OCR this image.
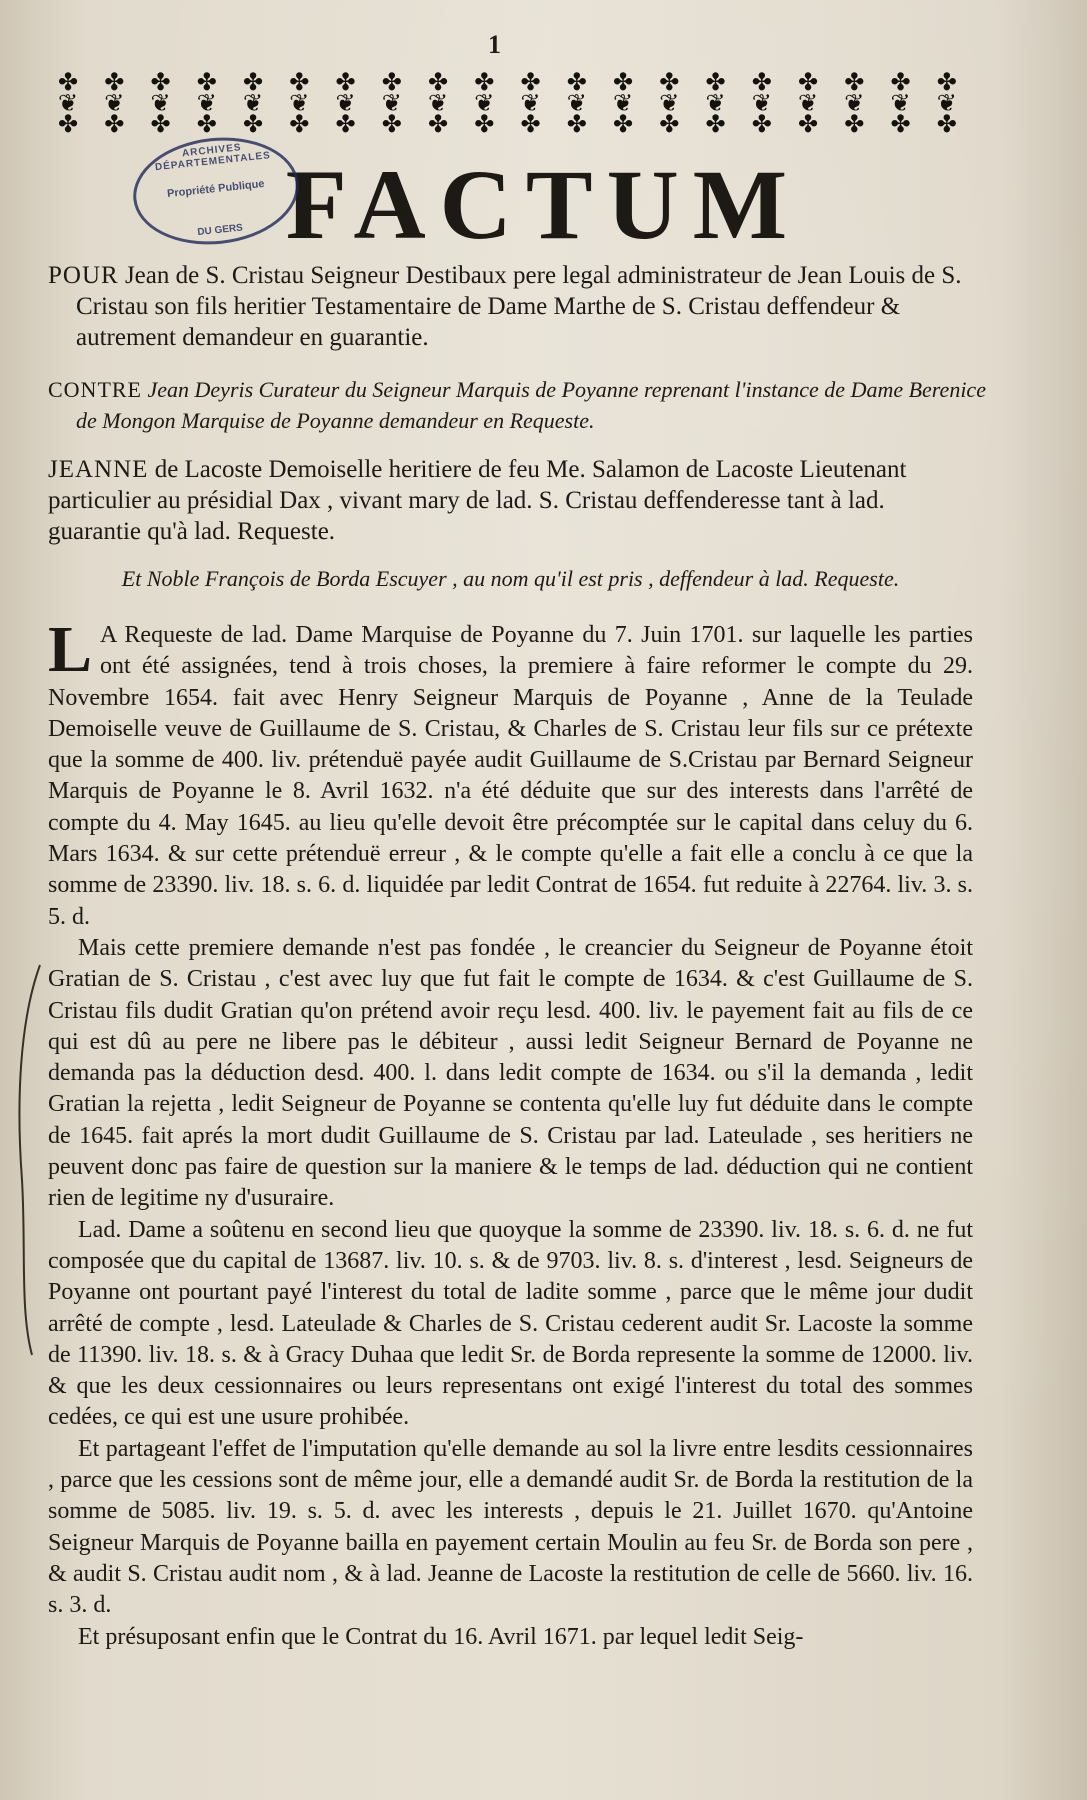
1
✤
❦
✤
✤
❦
✤
✤
❦
✤
✤
❦
✤
✤
❦
✤
✤
❦
✤
✤
❦
✤
✤
❦
✤
✤
❦
✤
✤
❦
✤
✤
❦
✤
✤
❦
✤
✤
❦
✤
✤
❦
✤
✤
❦
✤
✤
❦
✤
✤
❦
✤
✤
❦
✤
✤
❦
✤
✤
❦
✤
FACTUM
ARCHIVES DÉPARTEMENTALES
Propriété Publique
DU GERS
POUR Jean de S. Cristau Seigneur Destibaux pere legal administrateur de Jean Louis de S. Cristau son fils heritier Testamentaire de Dame Marthe de S. Cristau deffendeur & autrement demandeur en guarantie.
CONTRE Jean Deyris Curateur du Seigneur Marquis de Poyanne reprenant l'instance de Dame Berenice de Mongon Marquise de Poyanne demandeur en Requeste.
JEANNE de Lacoste Demoiselle heritiere de feu Me. Salamon de Lacoste Lieutenant particulier au présidial Dax , vivant mary de lad. S. Cristau deffenderesse tant à lad. guarantie qu'à lad. Requeste.
Et Noble François de Borda Escuyer , au nom qu'il est pris , deffendeur à lad. Requeste.

L A Requeste de lad. Dame Marquise de Poyanne du 7. Juin 1701. sur laquelle les parties ont été assignées, tend à trois choses, la premiere à faire reformer le compte du 29. Novembre 1654. fait avec Henry Seigneur Marquis de Poyanne , Anne de la Teulade Demoiselle veuve de Guillaume de S. Cristau, & Charles de S. Cristau leur fils sur ce prétexte que la somme de 400. liv. prétenduë payée audit Guillaume de S.Cristau par Bernard Seigneur Marquis de Poyanne le 8. Avril 1632. n'a été déduite que sur des interests dans l'arrêté de compte du 4. May 1645. au lieu qu'elle devoit être précomptée sur le capital dans celuy du 6. Mars 1634. & sur cette prétenduë erreur , & le compte qu'elle a fait elle a conclu à ce que la somme de 23390. liv. 18. s. 6. d. liquidée par ledit Contrat de 1654. fut reduite à 22764. liv. 3. s. 5. d.

Mais cette premiere demande n'est pas fondée , le creancier du Seigneur de Poyanne étoit Gratian de S. Cristau , c'est avec luy que fut fait le compte de 1634. & c'est Guillaume de S. Cristau fils dudit Gratian qu'on prétend avoir reçu lesd. 400. liv. le payement fait au fils de ce qui est dû au pere ne libere pas le débiteur , aussi ledit Seigneur Bernard de Poyanne ne demanda pas la déduction desd. 400. l. dans ledit compte de 1634. ou s'il la demanda , ledit Gratian la rejetta , ledit Seigneur de Poyanne se contenta qu'elle luy fut déduite dans le compte de 1645. fait aprés la mort dudit Guillaume de S. Cristau par lad. Lateulade , ses heritiers ne peuvent donc pas faire de question sur la maniere & le temps de lad. déduction qui ne contient rien de legitime ny d'usuraire.

Lad. Dame a soûtenu en second lieu que quoyque la somme de 23390. liv. 18. s. 6. d. ne fut composée que du capital de 13687. liv. 10. s. & de 9703. liv. 8. s. d'interest , lesd. Seigneurs de Poyanne ont pourtant payé l'interest du total de ladite somme , parce que le même jour dudit arrêté de compte , lesd. Lateulade & Charles de S. Cristau cederent audit Sr. Lacoste la somme de 11390. liv. 18. s. & à Gracy Duhaa que ledit Sr. de Borda represente la somme de 12000. liv. & que les deux cessionnaires ou leurs representans ont exigé l'interest du total des sommes cedées, ce qui est une usure prohibée.

Et partageant l'effet de l'imputation qu'elle demande au sol la livre entre lesdits cessionnaires , parce que les cessions sont de même jour, elle a demandé audit Sr. de Borda la restitution de la somme de 5085. liv. 19. s. 5. d. avec les interests , depuis le 21. Juillet 1670. qu'Antoine Seigneur Marquis de Poyanne bailla en payement certain Moulin au feu Sr. de Borda son pere , & audit S. Cristau audit nom , & à lad. Jeanne de Lacoste la restitution de celle de 5660. liv. 16. s. 3. d.

Et présuposant enfin que le Contrat du 16. Avril 1671. par lequel ledit Seig-
